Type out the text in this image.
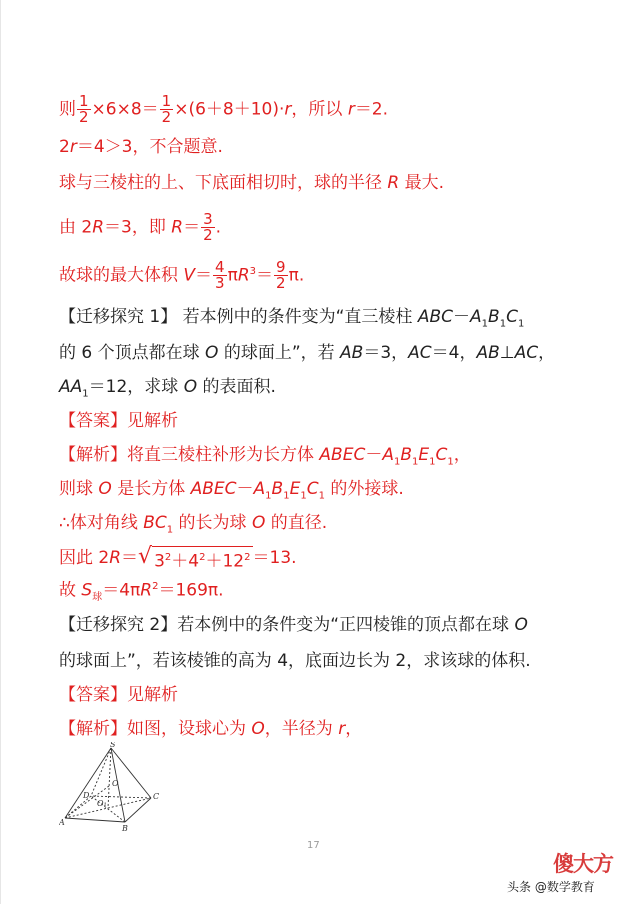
则 $\frac{1}{2} \times 6\times 8= \frac{1}{2} \times(6+8+10)\cdot r$，所以 r＝2.
2r＝4＞3，不合题意.
球与三棱柱的上、下底面相切时，球的半径 R 最大.
由 2R＝3，即 $R= \frac{3}{2}$ .
故球的最大体积 $V= \frac{4}{3} \pi R^3= \frac{9}{2} \pi$.
【迁移探究 1】 若本例中的条件变为“直三棱柱 $ABC-A_1B_1C_1$
的 6 个顶点都在球 O 的球面上”，若 AB＝3，AC＝4，AB⊥AC，
$AA_1=12$，求球 O 的表面积.
【答案】见解析
【解析】将直三棱柱补形为长方体 $ABEC-A_1B_1E_1C_1$，
则球 O 是长方体 $ABEC-A_1B_1E_1C_1$ 的外接球.
∴体对角线 $BC_1$ 的长为球 O 的直径.
因此 2R＝ √ $3^2+4^2+12^2 =13$.
故 $S_球=4\pi R^2=169\pi$.
【迁移探究 2】若本例中的条件变为“正四棱锥的顶点都在球 O
的球面上”，若该棱锥的高为 4，底面边长为 2，求该球的体积.
【答案】见解析
【解析】如图，设球心为 O，半径为 r，
S
A
B
C
D
O
O₁
17
傻大方
头条 @数学教育
